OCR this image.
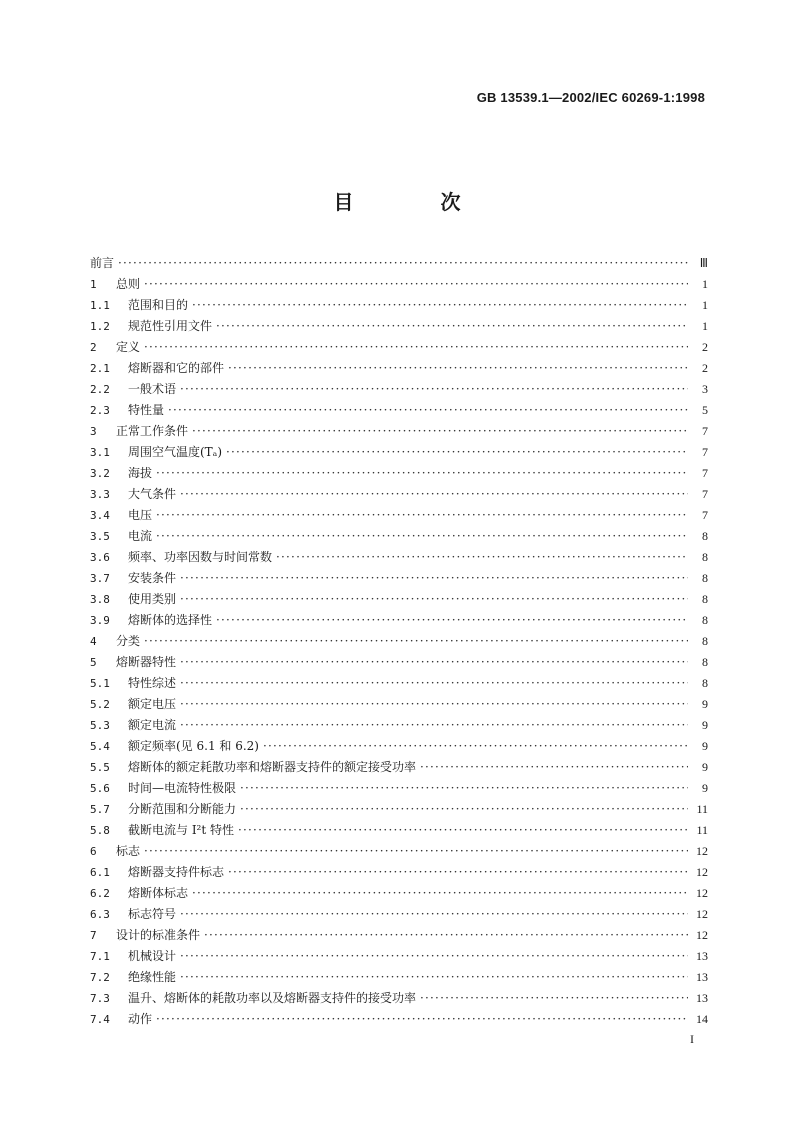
GB 13539.1—2002/IEC 60269-1:1998
目 次
前言 ·····	Ⅲ
1	总则 ·····	1
1.1	范围和目的 ·····	1
1.2	规范性引用文件 ·····	1
2	定义 ·····	2
2.1	熔断器和它的部件 ·····	2
2.2	一般术语 ·····	3
2.3	特性量 ·····	5
3	正常工作条件 ·····	7
3.1	周围空气温度(Tₐ) ·····	7
3.2	海拔 ·····	7
3.3	大气条件 ·····	7
3.4	电压 ·····	7
3.5	电流 ·····	8
3.6	频率、功率因数与时间常数 ·····	8
3.7	安装条件 ·····	8
3.8	使用类别 ·····	8
3.9	熔断体的选择性 ·····	8
4	分类 ·····	8
5	熔断器特性 ·····	8
5.1	特性综述 ·····	8
5.2	额定电压 ·····	9
5.3	额定电流 ·····	9
5.4	额定频率(见 6.1 和 6.2) ·····	9
5.5	熔断体的额定耗散功率和熔断器支持件的额定接受功率 ·····	9
5.6	时间—电流特性极限 ·····	9
5.7	分断范围和分断能力 ·····	11
5.8	截断电流与 I²t 特性 ·····	11
6	标志 ·····	12
6.1	熔断器支持件标志 ·····	12
6.2	熔断体标志 ·····	12
6.3	标志符号 ·····	12
7	设计的标准条件 ·····	12
7.1	机械设计 ·····	13
7.2	绝缘性能 ·····	13
7.3	温升、熔断体的耗散功率以及熔断器支持件的接受功率 ·····	13
7.4	动作 ·····	14
I
